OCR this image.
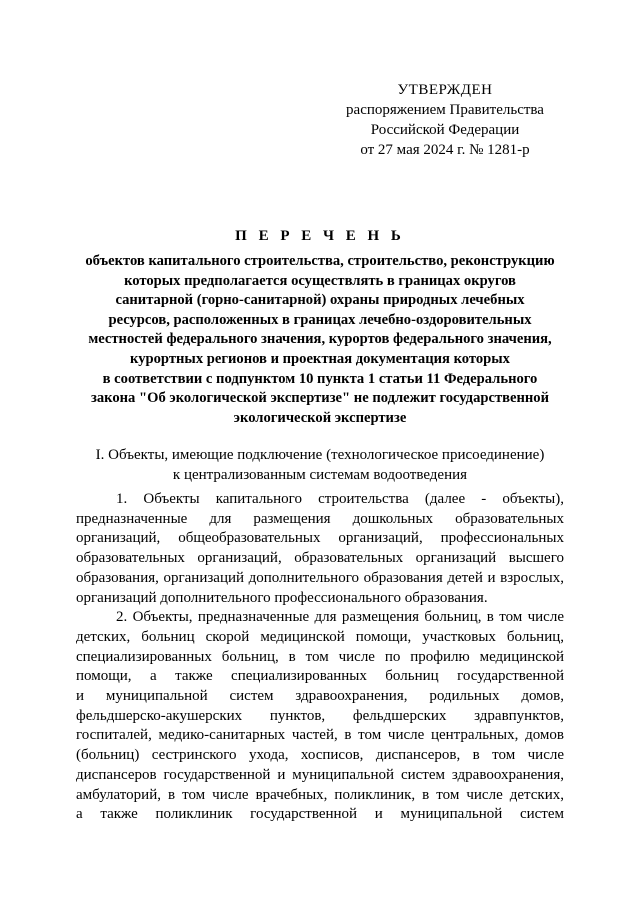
УТВЕРЖДЕН
распоряжением Правительства
Российской Федерации
от 27 мая 2024 г. № 1281-р
П Е Р Е Ч Е Н Ь
объектов капитального строительства, строительство, реконструкцию
которых предполагается осуществлять в границах округов
санитарной (горно-санитарной) охраны природных лечебных
ресурсов, расположенных в границах лечебно-оздоровительных
местностей федерального значения, курортов федерального значения,
курортных регионов и проектная документация которых
в соответствии с подпунктом 10 пункта 1 статьи 11 Федерального
закона "Об экологической экспертизе" не подлежит государственной
экологической экспертизе
I. Объекты, имеющие подключение (технологическое присоединение)
к централизованным системам водоотведения
1. Объекты капитального строительства (далее - объекты),
предназначенные для размещения дошкольных образовательных
организаций, общеобразовательных организаций, профессиональных
образовательных организаций, образовательных организаций высшего
образования, организаций дополнительного образования детей и взрослых,
организаций дополнительного профессионального образования.
2. Объекты, предназначенные для размещения больниц, в том числе
детских, больниц скорой медицинской помощи, участковых больниц,
специализированных больниц, в том числе по профилю медицинской
помощи, а также специализированных больниц государственной
и муниципальной систем здравоохранения, родильных домов,
фельдшерско-акушерских пунктов, фельдшерских здравпунктов,
госпиталей, медико-санитарных частей, в том числе центральных, домов
(больниц) сестринского ухода, хосписов, диспансеров, в том числе
диспансеров государственной и муниципальной систем здравоохранения,
амбулаторий, в том числе врачебных, поликлиник, в том числе детских,
а также поликлиник государственной и муниципальной систем
